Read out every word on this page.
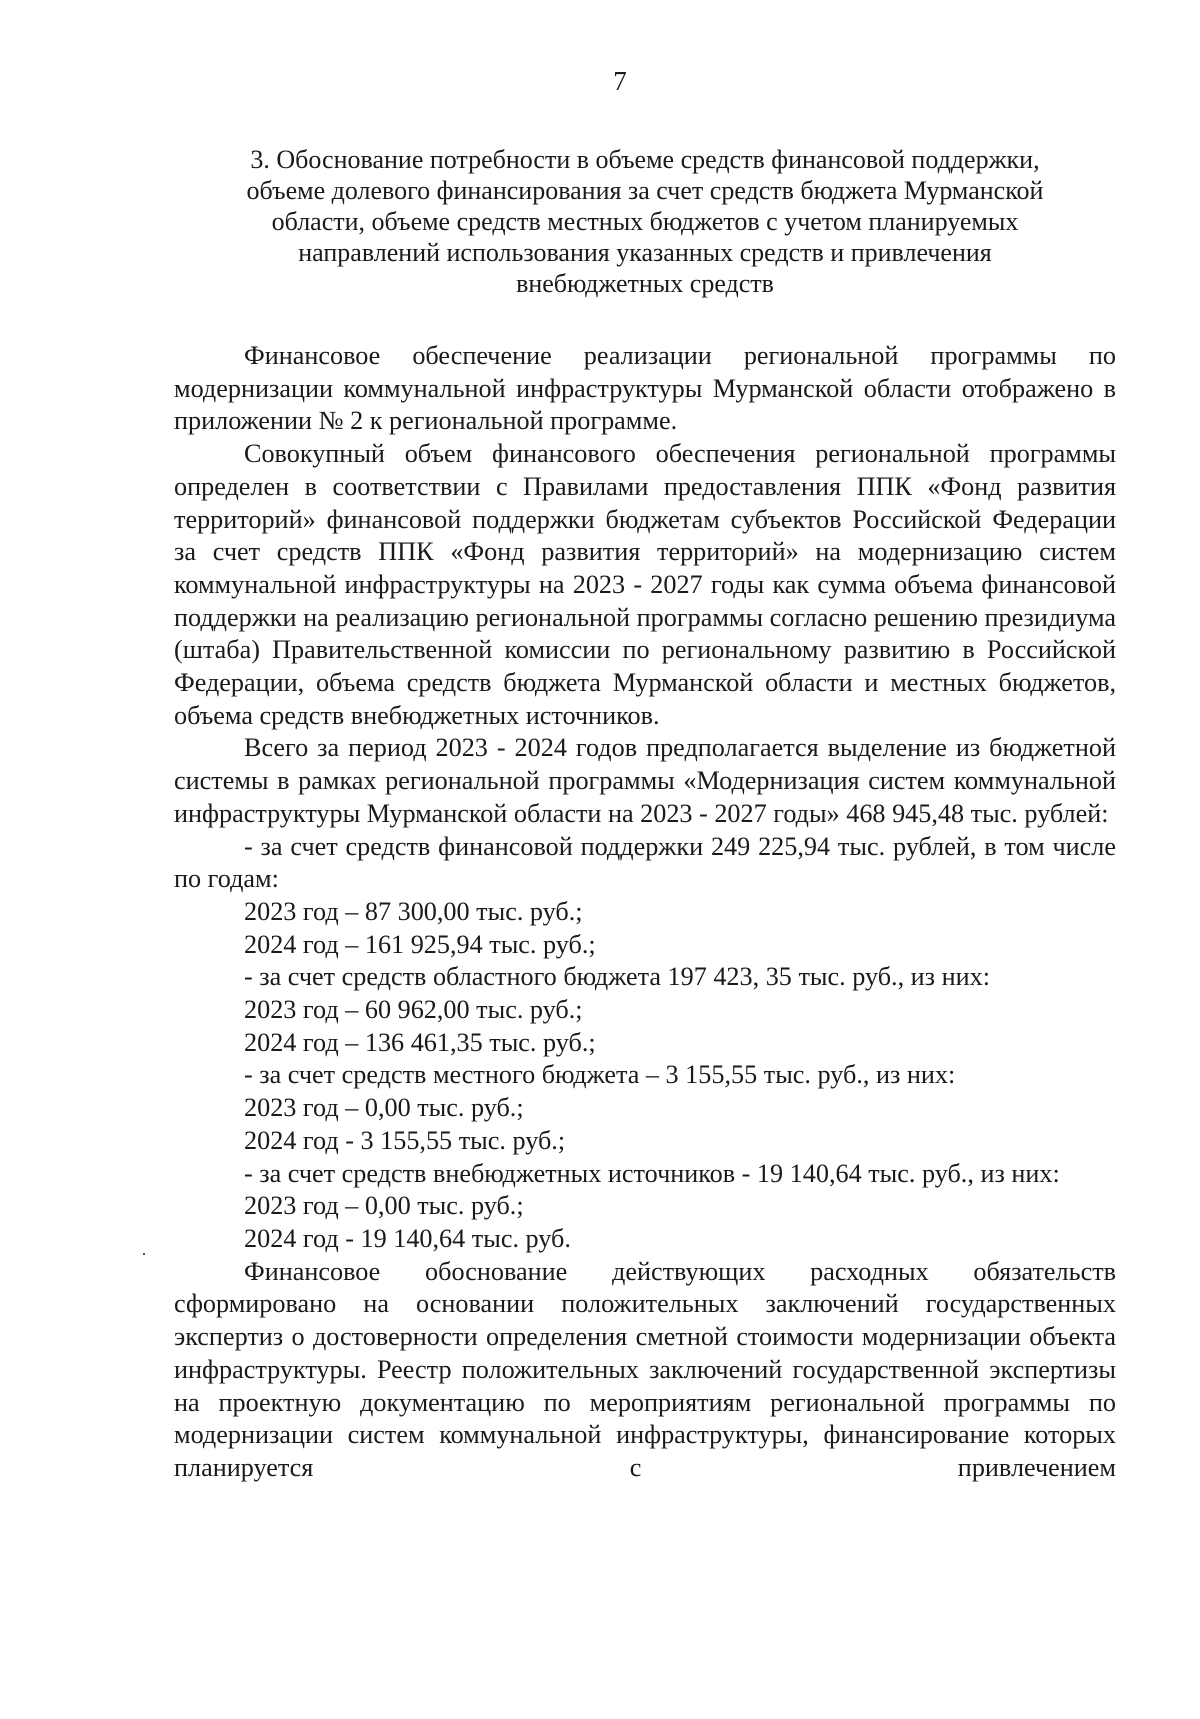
7
3. Обоснование потребности в объеме средств финансовой поддержки,
объеме долевого финансирования за счет средств бюджета Мурманской
области, объеме средств местных бюджетов с учетом планируемых
направлений использования указанных средств и привлечения
внебюджетных средств

Финансовое обеспечение реализации региональной программы по модернизации коммунальной инфраструктуры Мурманской области отображено в приложении № 2 к региональной программе.

Совокупный объем финансового обеспечения региональной программы определен в соответствии с Правилами предоставления ППК «Фонд развития территорий» финансовой поддержки бюджетам субъектов Российской Федерации за счет средств ППК «Фонд развития территорий» на модернизацию систем коммунальной инфраструктуры на 2023 - 2027 годы как сумма объема финансовой поддержки на реализацию региональной программы согласно решению президиума (штаба) Правительственной комиссии по региональному развитию в Российской Федерации, объема средств бюджета Мурманской области и местных бюджетов, объема средств внебюджетных источников.

Всего за период 2023 - 2024 годов предполагается выделение из бюджетной системы в рамках региональной программы «Модернизация систем коммунальной инфраструктуры Мурманской области на 2023 - 2027 годы» 468 945,48 тыс. рублей:

- за счет средств финансовой поддержки 249 225,94 тыс. рублей, в том числе по годам:

2023 год – 87 300,00 тыс. руб.;

2024 год – 161 925,94 тыс. руб.;

- за счет средств областного бюджета 197 423, 35 тыс. руб., из них:

2023 год – 60 962,00 тыс. руб.;

2024 год – 136 461,35 тыс. руб.;

- за счет средств местного бюджета – 3 155,55 тыс. руб., из них:

2023 год – 0,00 тыс. руб.;

2024 год - 3 155,55 тыс. руб.;

- за счет средств внебюджетных источников - 19 140,64 тыс. руб., из них:

2023 год – 0,00 тыс. руб.;

2024 год - 19 140,64 тыс. руб.

Финансовое обоснование действующих расходных обязательств сформировано на основании положительных заключений государственных экспертиз о достоверности определения сметной стоимости модернизации объекта инфраструктуры. Реестр положительных заключений государственной экспертизы на проектную документацию по мероприятиям региональной программы по модернизации систем коммунальной инфраструктуры, финансирование которых планируется с привлечением
